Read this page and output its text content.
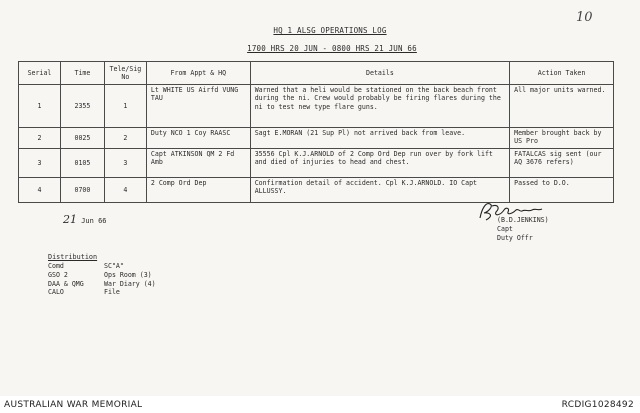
10
HQ 1 ALSG OPERATIONS LOG
1700 HRS 20 JUN - 0800 HRS 21 JUN 66
Serial	Time	Tele/Sig No	From Appt & HQ	Details	Action Taken
1	2355	1	Lt WHITE US Airfd VUNG TAU	Warned that a heli would be stationed on the back beach front during the ni. Crew would probably be firing flares during the ni to test new type flare guns.	All major units warned.
2	0025	2	Duty NCO 1 Coy RAASC	Sagt E.MORAN (21 Sup Pl) not arrived back from leave.	Member brought back by US Pro
3	0105	3	Capt ATKINSON QM 2 Fd Amb	35556 Cpl K.J.ARNOLD of 2 Comp Ord Dep run over by fork lift and died of injuries to head and chest.	FATALCAS sig sent (our AQ 3676 refers)
4	0700	4	2 Comp Ord Dep	Confirmation detail of accident. Cpl K.J.ARNOLD. IO Capt ALLUSSY.	Passed to D.O.
21 Jun 66	(B.D.JENKINS)
Capt
Duty Offr
Distribution
Comd	SC"A"
GSO 2	Ops Room (3)
DAA & QMG	War Diary (4)
CALO	File
AUSTRALIAN WAR MEMORIAL	RCDIG1028492
